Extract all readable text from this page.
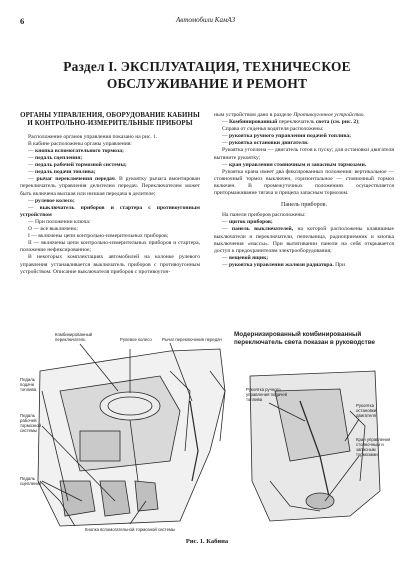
6	Автомобили КамАЗ
Раздел I. ЭКСПЛУАТАЦИЯ, ТЕХНИЧЕСКОЕ ОБСЛУЖИВАНИЕ И РЕМОНТ
ОРГАНЫ УПРАВЛЕНИЯ, ОБОРУДОВАНИЕ КАБИНЫ И КОНТРОЛЬНО-ИЗМЕРИТЕЛЬНЫЕ ПРИБОРЫ

Расположение органов управления показано на рис. 1.

В кабине расположены органы управления:

— кнопка вспомогательного тормоза;

— педаль сцепления;

— педаль рабочей тормозной системы;

— педаль подачи топлива;

— рычаг переключения передач. В рукоятку рычага вмонтирован переключатель управления делителем передач. Переключателем может быть включена высшая или низшая передача в делителе;

— рулевое колесо;

— выключатель приборов и стартера с противоугонным устройством

— При положении ключа:

O — все выключено;

I — включены цепи контрольно-измерительных приборов;

II — включены цепи контрольно-измерительных приборов и стартера, положение нефиксированное;

В некоторых комплектациях автомобилей на колонке рулевого управления устанавливается выключатель приборов с противоугонным устройством. Описание выключателя приборов с противоугон-

ным устройством дано в разделе Противоугонное устройство.

— Комбинированный переключатель света (см. рис. 2);

Справа от сиденья водителя расположены:

— рукоятка ручного управления подачей топлива;

— рукоятка остановки двигателя.

Рукоятка утоплена — двигатель готов к пуску; для остановки двигателя вытяните рукоятку;

— кран управления стояночным и запасным тормозами.

Рукоятка крана имеет два фиксированных положения: вертикальное — стояночный тормоз выключен, горизонтальное — стояночный тормоз включен. В промежуточных положениях осуществляется притормаживание тягача и прицепа запасным тормозом.

Панель приборов.

На панели приборов расположены:

— щиток приборов;

— панель выключателей, на которой расположены клавишные выключатели и переключатели, пепельница, радиоприемник и кнопка выключения «массы». При вытягивании панели на себя открывается доступ к предохранителям электрооборудования;

— вещевой ящик;

— рукоятка управления жалюзи радиатора. При

Комбинированный переключатель	Рулевое колесо	Рычаг переключения передач
Педаль подачи топлива
Педаль рабочей тормозной системы
Педаль сцепления
Кнопка вспомогательной тормозной системы
Модернизированный комбинированный переключатель света показан в руководстве
Рукоятка ручного управления подачей топлива
Рукоятка остановки двигателя
Кран управления стояночным и запасным тормозами
Рис. 1. Кабина
